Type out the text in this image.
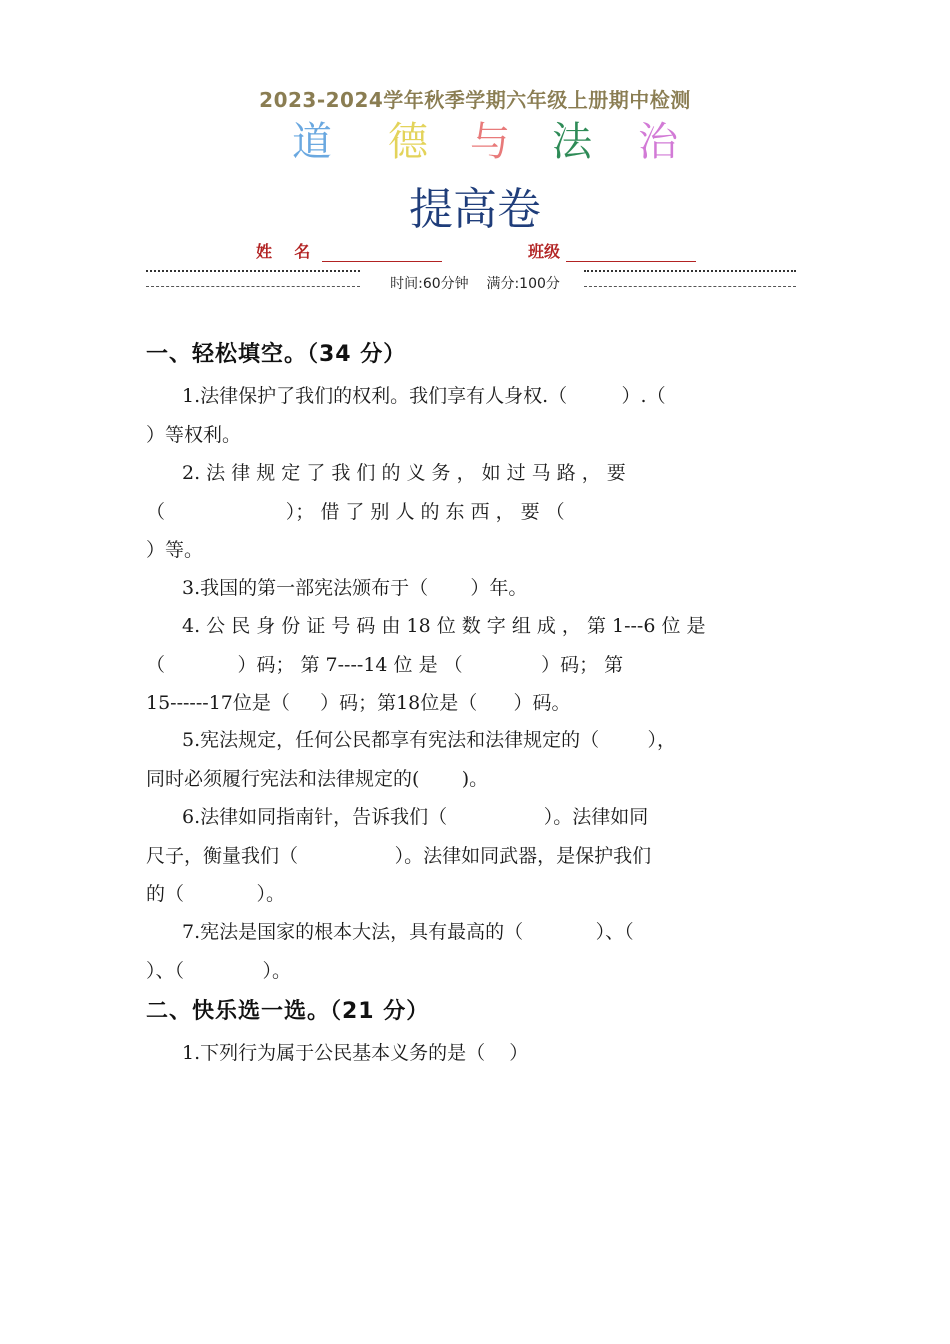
2023-2024学年秋季学期六年级上册期中检测
道 德 与 法 治
提高卷
姓    名	班级
时间:60分钟    满分:100分
一、轻松填空。（34 分）
1.法律保护了我们的权利。我们享有人身权.（         ）.（
）等权利。
2. 法 律 规 定 了 我 们 的 义 务 ， 如 过 马 路 ， 要
（                    ）； 借 了 别 人 的 东 西 ， 要 （
）等。
3.我国的第一部宪法颁布于（       ）年。
4. 公 民 身 份 证 号 码 由 18 位 数 字 组 成 ， 第 1---6 位 是
（            ）码； 第 7----14 位 是 （             ）码； 第
15------17位是（     ）码；第18位是（      ）码。
5.宪法规定，任何公民都享有宪法和法律规定的（        ），
同时必须履行宪法和法律规定的(       )。
6.法律如同指南针，告诉我们（                ）。法律如同
尺子，衡量我们（                ）。法律如同武器，是保护我们
的（            ）。
7.宪法是国家的根本大法，具有最高的（            ）、（
）、（             ）。
二、快乐选一选。（21 分）
1.下列行为属于公民基本义务的是（    ）
